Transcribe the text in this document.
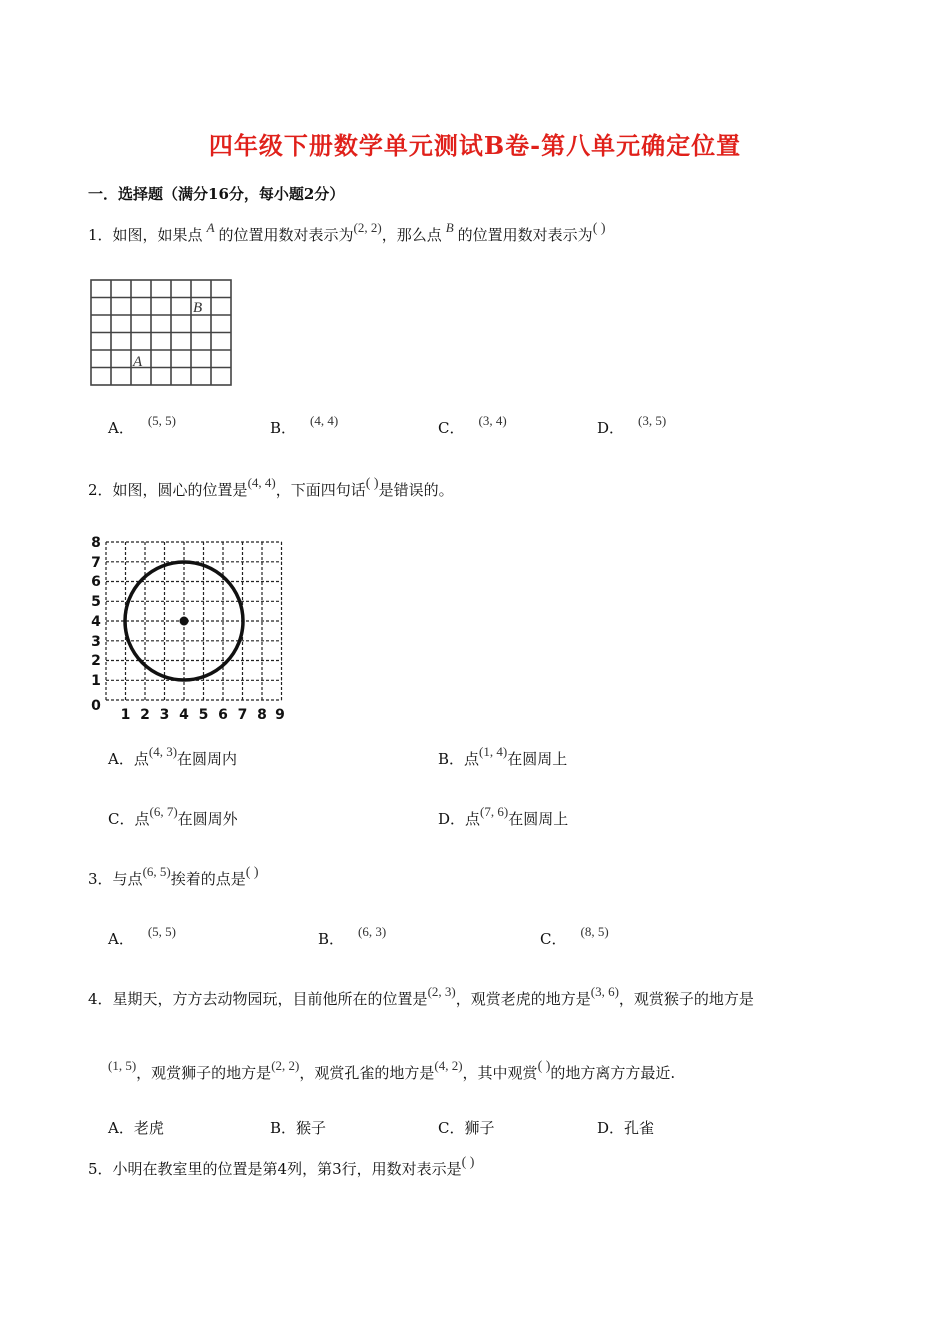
四年级下册数学单元测试B卷-第八单元确定位置
一．选择题（满分16分，每小题2分）
1．如图，如果点 A 的位置用数对表示为(2, 2)，那么点 B 的位置用数对表示为( )
A
B
A． (5, 5)	B． (4, 4)	C． (3, 4)	D． (3, 5)
2．如图，圆心的位置是(4, 4)，下面四句话( )是错误的。
8
7
6
5
4
3
2
1
0
1 2 3 4 5 6 7 8 9
A．点(4, 3)在圆周内	B．点(1, 4)在圆周上
C．点(6, 7)在圆周外	D．点(7, 6)在圆周上
3．与点(6, 5)挨着的点是( )
A． (5, 5)	B． (6, 3)	C． (8, 5)
4．星期天，方方去动物园玩，目前他所在的位置是(2, 3)，观赏老虎的地方是(3, 6)，观赏猴子的地方是
(1, 5)，观赏狮子的地方是(2, 2)，观赏孔雀的地方是(4, 2)，其中观赏( )的地方离方方最近.
A．老虎	B．猴子	C．狮子	D．孔雀
5．小明在教室里的位置是第4列，第3行，用数对表示是( )
